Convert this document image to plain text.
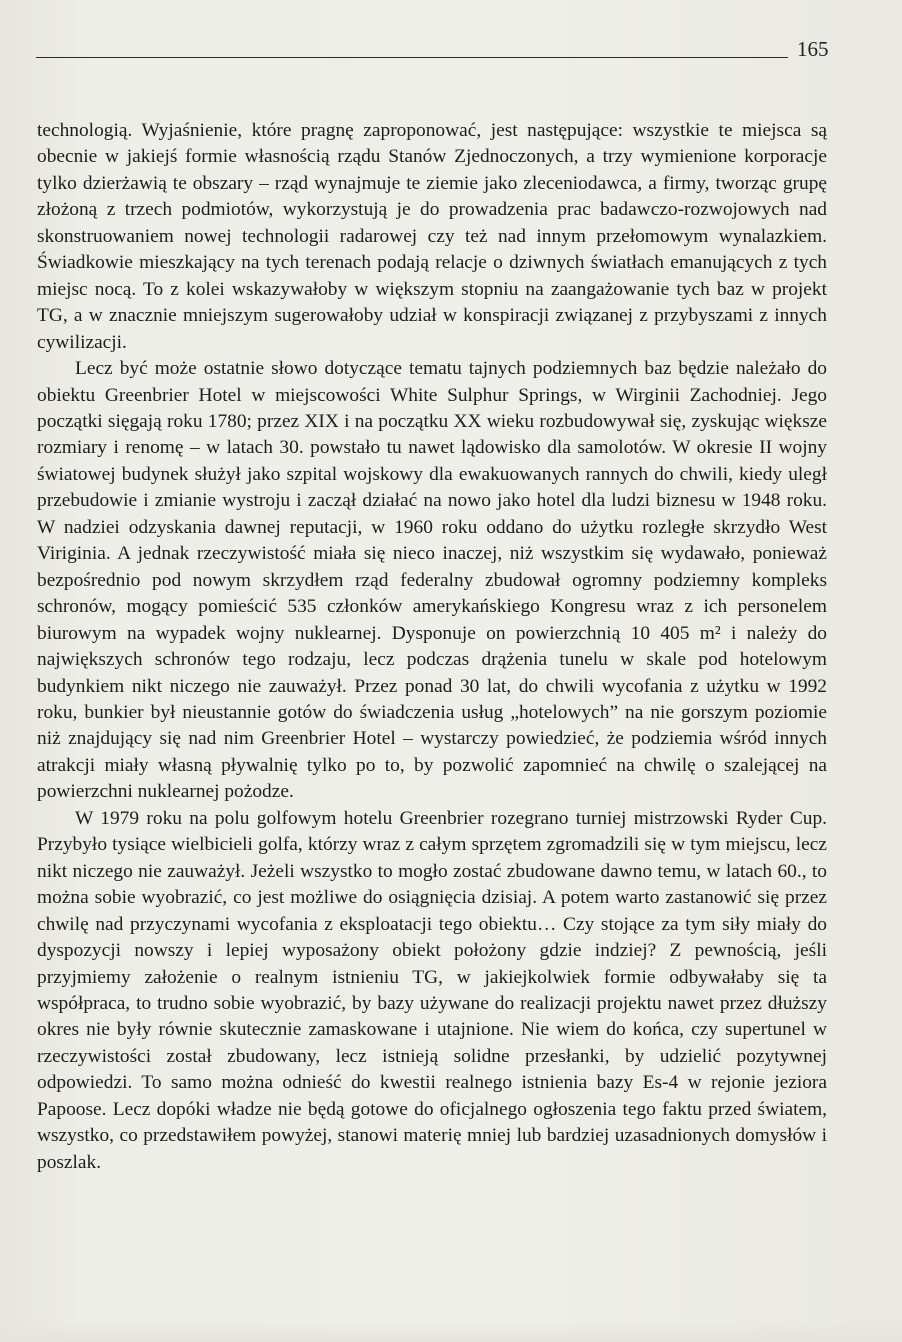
165

technologią. Wyjaśnienie, które pragnę zaproponować, jest następujące: wszystkie te miejsca są obecnie w jakiejś formie własnością rządu Stanów Zjednoczonych, a trzy wymienione korporacje tylko dzierżawią te obszary – rząd wynajmuje te ziemie jako zleceniodawca, a firmy, tworząc grupę złożoną z trzech podmiotów, wykorzystują je do prowadzenia prac badawczo-rozwojowych nad skonstruowaniem nowej technologii radarowej czy też nad innym przełomowym wynalazkiem. Świadkowie mieszkający na tych terenach podają relacje o dziwnych światłach emanujących z tych miejsc nocą. To z kolei wskazywałoby w większym stopniu na zaangażowanie tych baz w projekt TG, a w znacznie mniejszym sugerowałoby udział w konspiracji związanej z przybyszami z innych cywilizacji.

Lecz być może ostatnie słowo dotyczące tematu tajnych podziemnych baz będzie należało do obiektu Greenbrier Hotel w miejscowości White Sulphur Springs, w Wirginii Zachodniej. Jego początki sięgają roku 1780; przez XIX i na początku XX wieku rozbudowywał się, zyskując większe rozmiary i renomę – w latach 30. powstało tu nawet lądowisko dla samolotów. W okresie II wojny światowej budynek służył jako szpital wojskowy dla ewakuowanych rannych do chwili, kiedy uległ przebudowie i zmianie wystroju i zaczął działać na nowo jako hotel dla ludzi biznesu w 1948 roku. W nadziei odzyskania dawnej reputacji, w 1960 roku oddano do użytku rozległe skrzydło West Viriginia. A jednak rzeczywistość miała się nieco inaczej, niż wszystkim się wydawało, ponieważ bezpośrednio pod nowym skrzydłem rząd federalny zbudował ogromny podziemny kompleks schronów, mogący pomieścić 535 członków amerykańskiego Kongresu wraz z ich personelem biurowym na wypadek wojny nuklearnej. Dysponuje on powierzchnią 10 405 m² i należy do największych schronów tego rodzaju, lecz podczas drążenia tunelu w skale pod hotelowym budynkiem nikt niczego nie zauważył. Przez ponad 30 lat, do chwili wycofania z użytku w 1992 roku, bunkier był nieustannie gotów do świadczenia usług „hotelowych” na nie gorszym poziomie niż znajdujący się nad nim Greenbrier Hotel – wystarczy powiedzieć, że podziemia wśród innych atrakcji miały własną pływalnię tylko po to, by pozwolić zapomnieć na chwilę o szalejącej na powierzchni nuklearnej pożodze.

W 1979 roku na polu golfowym hotelu Greenbrier rozegrano turniej mistrzowski Ryder Cup. Przybyło tysiące wielbicieli golfa, którzy wraz z całym sprzętem zgromadzili się w tym miejscu, lecz nikt niczego nie zauważył. Jeżeli wszystko to mogło zostać zbudowane dawno temu, w latach 60., to można sobie wyobrazić, co jest możliwe do osiągnięcia dzisiaj. A potem warto zastanowić się przez chwilę nad przyczynami wycofania z eksploatacji tego obiektu… Czy stojące za tym siły miały do dyspozycji nowszy i lepiej wyposażony obiekt położony gdzie indziej? Z pewnością, jeśli przyjmiemy założenie o realnym istnieniu TG, w jakiejkolwiek formie odbywałaby się ta współpraca, to trudno sobie wyobrazić, by bazy używane do realizacji projektu nawet przez dłuższy okres nie były równie skutecznie zamaskowane i utajnione. Nie wiem do końca, czy supertunel w rzeczywistości został zbudowany, lecz istnieją solidne przesłanki, by udzielić pozytywnej odpowiedzi. To samo można odnieść do kwestii realnego istnienia bazy Es-4 w rejonie jeziora Papoose. Lecz dopóki władze nie będą gotowe do oficjalnego ogłoszenia tego faktu przed światem, wszystko, co przedstawiłem powyżej, stanowi materię mniej lub bardziej uzasadnionych domysłów i poszlak.
